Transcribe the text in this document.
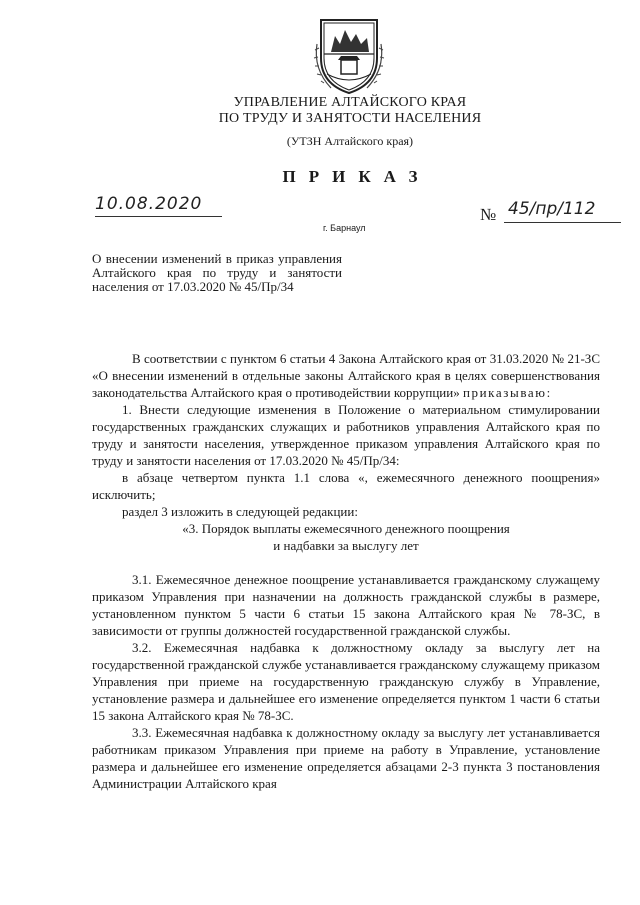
УПРАВЛЕНИЕ АЛТАЙСКОГО КРАЯ
ПО ТРУДУ И ЗАНЯТОСТИ НАСЕЛЕНИЯ
(УТЗН Алтайского края)
ПРИКАЗ
10.08.2020
г. Барнаул
№ 45/пр/112
О внесении изменений в приказ управления Алтайского края по труду и занятости населения от 17.03.2020 № 45/Пр/34

В соответствии с пунктом 6 статьи 4 Закона Алтайского края от 31.03.2020 № 21-ЗС «О внесении изменений в отдельные законы Алтайского края в целях совершенствования законодательства Алтайского края о противодействии коррупции» приказываю:

1. Внести следующие изменения в Положение о материальном стимулировании государственных гражданских служащих и работников управления Алтайского края по труду и занятости населения, утвержденное приказом управления Алтайского края по труду и занятости населения от 17.03.2020 № 45/Пр/34:

в абзаце четвертом пункта 1.1 слова «, ежемесячного денежного поощрения» исключить;

раздел 3 изложить в следующей редакции:

«3. Порядок выплаты ежемесячного денежного поощрения

и надбавки за выслугу лет

3.1. Ежемесячное денежное поощрение устанавливается гражданскому служащему приказом Управления при назначении на должность гражданской службы в размере, установленном пунктом 5 части 6 статьи 15 закона Алтайского края № 78-ЗС, в зависимости от группы должностей государственной гражданской службы.

3.2. Ежемесячная надбавка к должностному окладу за выслугу лет на государственной гражданской службе устанавливается гражданскому служащему приказом Управления при приеме на государственную гражданскую службу в Управление, установление размера и дальнейшее его изменение определяется пунктом 1 части 6 статьи 15 закона Алтайского края № 78-ЗС.

3.3. Ежемесячная надбавка к должностному окладу за выслугу лет устанавливается работникам приказом Управления при приеме на работу в Управление, установление размера и дальнейшее его изменение определяется абзацами 2-3 пункта 3 постановления Администрации Алтайского края
